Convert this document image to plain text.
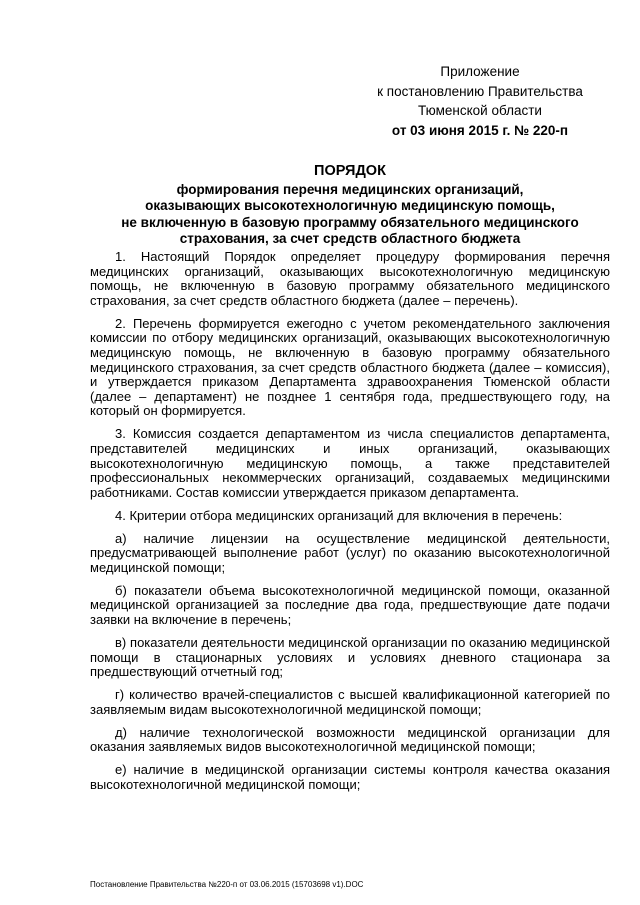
Приложение
к постановлению Правительства
Тюменской области
от 03 июня 2015 г. № 220-п
ПОРЯДОК
формирования перечня медицинских организаций,
оказывающих высокотехнологичную медицинскую помощь,
не включенную в базовую программу обязательного медицинского
страхования, за счет средств областного бюджета

1. Настоящий Порядок определяет процедуру формирования перечня медицинских организаций, оказывающих высокотехнологичную медицинскую помощь, не включенную в базовую программу обязательного медицинского страхования, за счет средств областного бюджета (далее – перечень).

2. Перечень формируется ежегодно с учетом рекомендательного заключения комиссии по отбору медицинских организаций, оказывающих высокотехнологичную медицинскую помощь, не включенную в базовую программу обязательного медицинского страхования, за счет средств областного бюджета (далее – комиссия), и утверждается приказом Департамента здравоохранения Тюменской области (далее – департамент) не позднее 1 сентября года, предшествующего году, на который он формируется.

3. Комиссия создается департаментом из числа специалистов департамента, представителей медицинских и иных организаций, оказывающих высокотехнологичную медицинскую помощь, а также представителей профессиональных некоммерческих организаций, создаваемых медицинскими работниками. Состав комиссии утверждается приказом департамента.

4. Критерии отбора медицинских организаций для включения в перечень:

а) наличие лицензии на осуществление медицинской деятельности, предусматривающей выполнение работ (услуг) по оказанию высокотехнологичной медицинской помощи;

б) показатели объема высокотехнологичной медицинской помощи, оказанной медицинской организацией за последние два года, предшествующие дате подачи заявки на включение в перечень;

в) показатели деятельности медицинской организации по оказанию медицинской помощи в стационарных условиях и условиях дневного стационара за предшествующий отчетный год;

г) количество врачей-специалистов с высшей квалификационной категорией по заявляемым видам высокотехнологичной медицинской помощи;

д) наличие технологической возможности медицинской организации для оказания заявляемых видов высокотехнологичной медицинской помощи;

е) наличие в медицинской организации системы контроля качества оказания высокотехнологичной медицинской помощи;

Постановление Правительства №220-п от 03.06.2015 (15703698 v1).DOC
